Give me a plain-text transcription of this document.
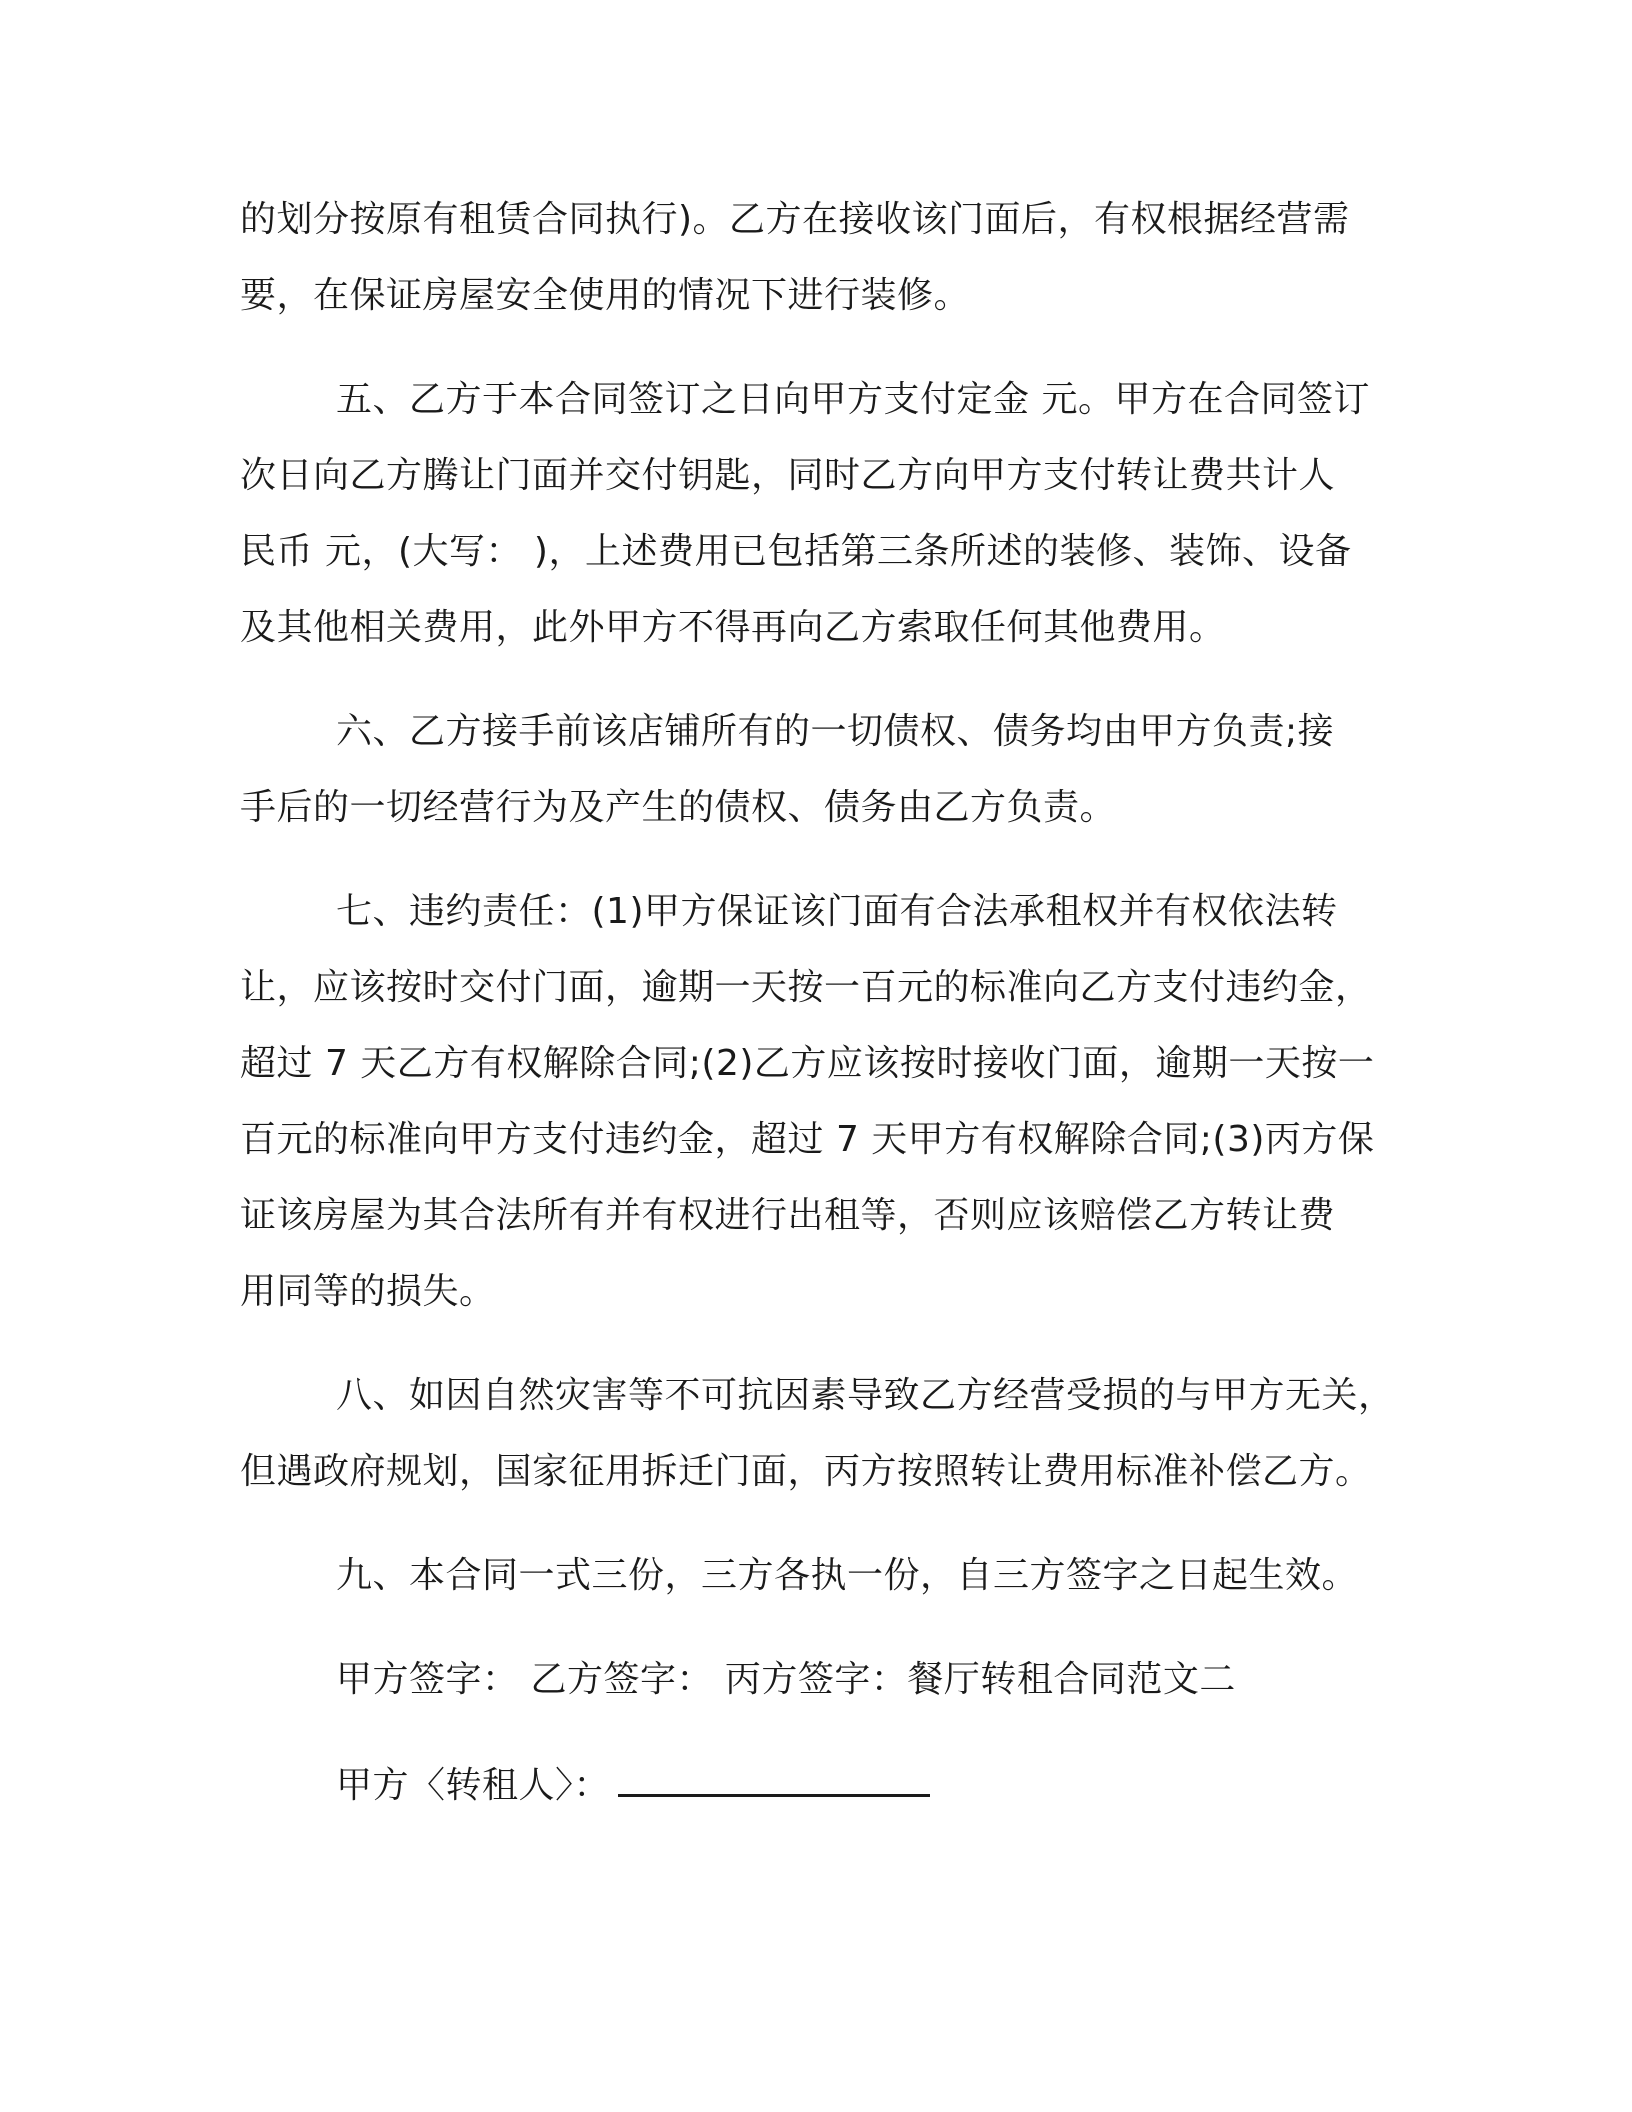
的划分按原有租赁合同执行)。乙方在接收该门面后，有权根据经营需
要，在保证房屋安全使用的情况下进行装修。
五、乙方于本合同签订之日向甲方支付定金 元。甲方在合同签订
次日向乙方腾让门面并交付钥匙，同时乙方向甲方支付转让费共计人
民币 元，(大写： )，上述费用已包括第三条所述的装修、装饰、设备
及其他相关费用，此外甲方不得再向乙方索取任何其他费用。
六、乙方接手前该店铺所有的一切债权、债务均由甲方负责;接
手后的一切经营行为及产生的债权、债务由乙方负责。
七、违约责任：(1)甲方保证该门面有合法承租权并有权依法转
让，应该按时交付门面，逾期一天按一百元的标准向乙方支付违约金，
超过 7 天乙方有权解除合同;(2)乙方应该按时接收门面，逾期一天按一
百元的标准向甲方支付违约金，超过 7 天甲方有权解除合同;(3)丙方保
证该房屋为其合法所有并有权进行出租等，否则应该赔偿乙方转让费
用同等的损失。
八、如因自然灾害等不可抗因素导致乙方经营受损的与甲方无关，
但遇政府规划，国家征用拆迁门面，丙方按照转让费用标准补偿乙方。
九、本合同一式三份，三方各执一份，自三方签字之日起生效。
甲方签字： 乙方签字： 丙方签字：餐厅转租合同范文二
甲方〈转租人〉：
